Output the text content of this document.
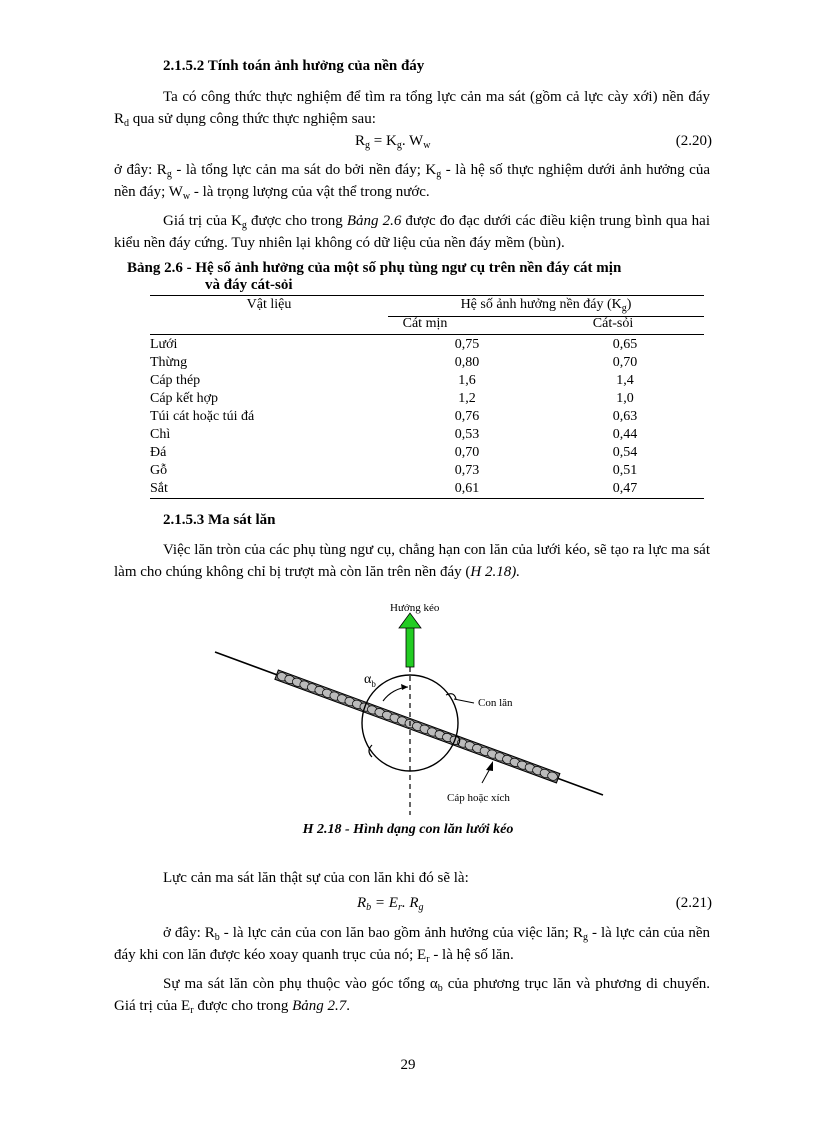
2.1.5.2 Tính toán ảnh hưởng của nền đáy
Ta có công thức thực nghiệm để tìm ra tổng lực cản ma sát (gồm cả lực cày xới) nền đáy $R_d$ qua sử dụng công thức thực nghiệm sau:
$R_g = K_g$. $W_w$	(2.20)
ở đây: $R_g$ - là tổng lực cản ma sát do bởi nền đáy; $K_g$ - là hệ số thực nghiệm dưới ảnh hưởng của nền đáy; $W_w$ - là trọng lượng của vật thể trong nước.
Giá trị của $K_g$ được cho trong Bảng 2.6 được đo đạc dưới các điều kiện trung bình qua hai kiểu nền đáy cứng. Tuy nhiên lại không có dữ liệu của nền đáy mềm (bùn).
Bảng 2.6 - Hệ số ảnh hưởng của một số phụ tùng ngư cụ trên nền đáy cát mịn
và đáy cát-sỏi
Vật liệu	Hệ số ảnh hưởng nền đáy $(K_g)$
Cát mịn	Cát-sỏi
Lưới	0,75	0,65
Thừng	0,80	0,70
Cáp thép	1,6	1,4
Cáp kết hợp	1,2	1,0
Túi cát hoặc túi đá	0,76	0,63
Chì	0,53	0,44
Đá	0,70	0,54
Gỗ	0,73	0,51
Sắt	0,61	0,47
2.1.5.3 Ma sát lăn
Việc lăn tròn của các phụ tùng ngư cụ, chẳng hạn con lăn của lưới kéo, sẽ tạo ra lực ma sát làm cho chúng không chỉ bị trượt mà còn lăn trên nền đáy (H 2.18).
Hướng kéo
$\alpha_b$
Con lăn
Cáp hoặc xích
H 2.18 - Hình dạng con lăn lưới kéo
Lực cản ma sát lăn thật sự của con lăn khi đó sẽ là:
$R_b = E_r$. $R_g$	(2.21)
ở đây: $R_b$ - là lực cản của con lăn bao gồm ảnh hưởng của việc lăn; $R_g$ - là lực cản của nền đáy khi con lăn được kéo xoay quanh trục của nó; $E_r$ - là hệ số lăn.
Sự ma sát lăn còn phụ thuộc vào góc tổng $\alpha_b$ của phương trục lăn và phương di chuyển. Giá trị của $E_r$ được cho trong Bảng 2.7.
29
